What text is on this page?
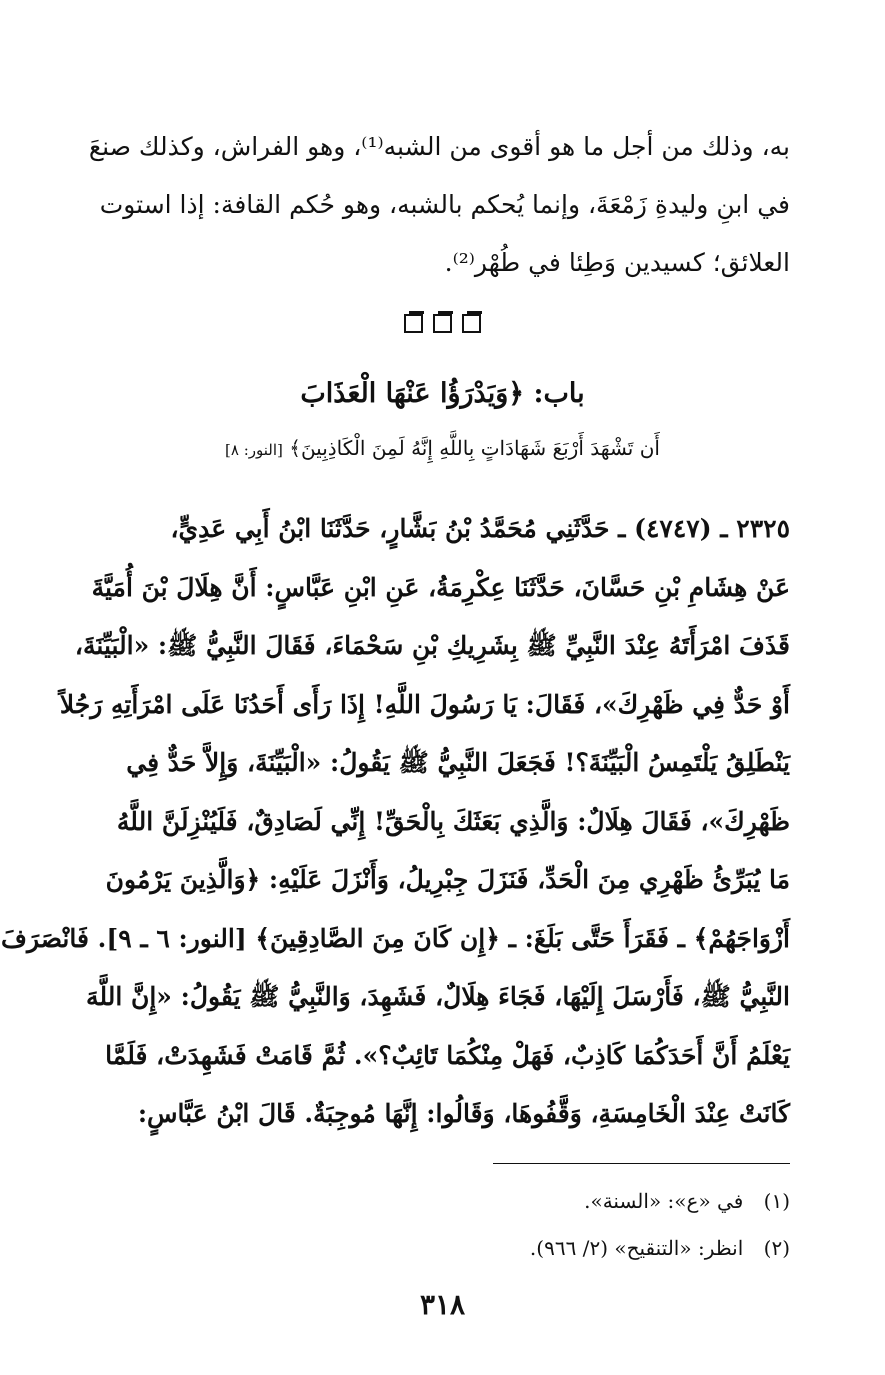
به، وذلك من أجل ما هو أقوى من الشبه⁽¹⁾، وهو الفراش، وكذلك صنعَ
في ابنِ وليدةِ زَمْعَةَ، وإنما يُحكم بالشبه، وهو حُكم القافة: إذا استوت
العلائق؛ كسيدين وَطِئا في طُهْر⁽²⁾.
باب: ﴿وَيَدْرَؤُا عَنْهَا الْعَذَابَ
أَن تَشْهَدَ أَرْبَعَ شَهَادَاتٍ بِاللَّهِ إِنَّهُ لَمِنَ الْكَاذِبِينَ﴾ [النور: ٨]
٢٣٢٥ ـ (٤٧٤٧) ـ حَدَّثَنِي مُحَمَّدُ بْنُ بَشَّارٍ، حَدَّثَنَا ابْنُ أَبِي عَدِيٍّ،
عَنْ هِشَامِ بْنِ حَسَّانَ، حَدَّثَنَا عِكْرِمَةُ، عَنِ ابْنِ عَبَّاسٍ: أَنَّ هِلَالَ بْنَ أُمَيَّةَ
قَذَفَ امْرَأَتَهُ عِنْدَ النَّبِيِّ ﷺ بِشَرِيكِ بْنِ سَحْمَاءَ، فَقَالَ النَّبِيُّ ﷺ: «الْبَيِّنَةَ،
أَوْ حَدٌّ فِي ظَهْرِكَ»، فَقَالَ: يَا رَسُولَ اللَّهِ! إِذَا رَأَى أَحَدُنَا عَلَى امْرَأَتِهِ رَجُلاً
يَنْطَلِقُ يَلْتَمِسُ الْبَيِّنَةَ؟! فَجَعَلَ النَّبِيُّ ﷺ يَقُولُ: «الْبَيِّنَةَ، وَإِلاَّ حَدٌّ فِي
ظَهْرِكَ»، فَقَالَ هِلَالٌ: وَالَّذِي بَعَثَكَ بِالْحَقِّ! إِنِّي لَصَادِقٌ، فَلَيُنْزِلَنَّ اللَّهُ
مَا يُبَرِّئُ ظَهْرِي مِنَ الْحَدِّ، فَنَزَلَ جِبْرِيلُ، وَأَنْزَلَ عَلَيْهِ: ﴿وَالَّذِينَ يَرْمُونَ
أَزْوَاجَهُمْ﴾ ـ فَقَرَأَ حَتَّى بَلَغَ: ـ ﴿إِن كَانَ مِنَ الصَّادِقِينَ﴾ [النور: ٦ ـ ٩]. فَانْصَرَفَ
النَّبِيُّ ﷺ، فَأَرْسَلَ إِلَيْهَا، فَجَاءَ هِلَالٌ، فَشَهِدَ، وَالنَّبِيُّ ﷺ يَقُولُ: «إِنَّ اللَّهَ
يَعْلَمُ أَنَّ أَحَدَكُمَا كَاذِبٌ، فَهَلْ مِنْكُمَا تَائِبٌ؟». ثُمَّ قَامَتْ فَشَهِدَتْ، فَلَمَّا
كَانَتْ عِنْدَ الْخَامِسَةِ، وَقَّفُوهَا، وَقَالُوا: إِنَّهَا مُوجِبَةٌ. قَالَ ابْنُ عَبَّاسٍ:
(١) في «ع»: «السنة».
(٢) انظر: «التنقيح» (٢/ ٩٦٦).
٣١٨
